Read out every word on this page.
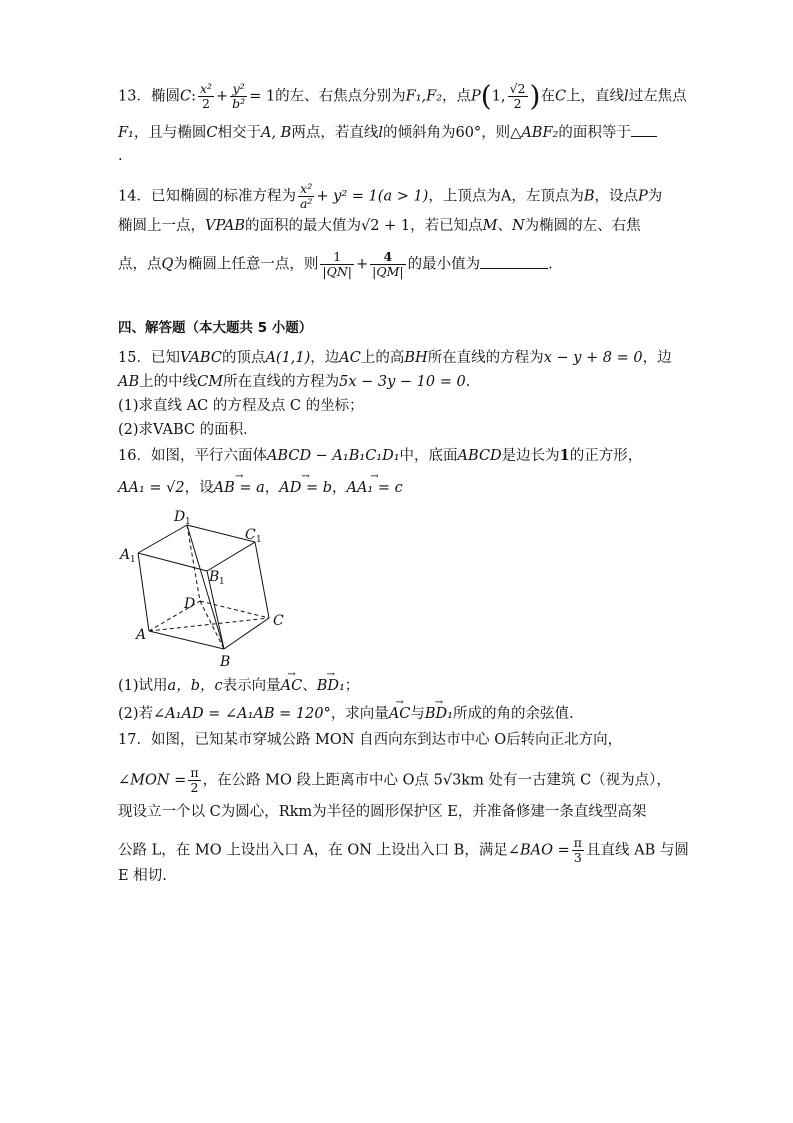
13．椭圆C: $\frac{\text{x²}}{2} + \frac{\text{y²}}{\text{b²}} = 1$的左、右焦点分别为F₁,F₂，点P(1, $\frac{√2}{2}$ )在C上，直线l过左焦点
F₁，且与椭圆C相交于A, B两点，若直线l的倾斜角为60°，则△ABF₂的面积等于
.
14．已知椭圆的标准方程为 $\frac{\text{x²}}{\text{a²}} + y^2 = 1(a > 1)$，上顶点为A，左顶点为B，设点P为
椭圆上一点，VPAB的面积的最大值为√2 + 1，若已知点M、N为椭圆的左、右焦
点，点Q为椭圆上任意一点，则 $\frac{1}{|QN|} + \frac{4}{|QM|}$ 的最小值为	.
四、解答题（本大题共 5 小题）
15．已知VABC的顶点A(1,1)，边AC上的高BH所在直线的方程为x − y + 8 = 0，边
AB上的中线CM所在直线的方程为5x − 3y − 10 = 0.
(1)求直线 AC 的方程及点 C 的坐标；
(2)求VABC 的面积．
16．如图，平行六面体ABCD − A₁B₁C₁D₁中，底面ABCD是边长为1的正方形，
AA₁ = √2，设→ AB = a，→ AD = b，→ AA₁ = c
D 1
C 1
A 1
B 1
D
C
A
B
(1)试用a，b，c表示向量→ AC、→ BD₁；
(2)若∠A₁AD = ∠A₁AB = 120°，求向量→ AC与→ BD₁所成的角的余弦值.
17．如图，已知某市穿城公路 MON 自西向东到达市中心 O后转向正北方向，
∠MON = $\frac{\pi}{2}$ ，在公路 MO 段上距离市中心 O点 5√3km 处有一古建筑 C（视为点），
现设立一个以 C为圆心，Rkm为半径的圆形保护区 E，并准备修建一条直线型高架
公路 L，在 MO 上设出入口 A，在 ON 上设出入口 B，满足∠BAO = $\frac{\pi}{3}$ 且直线 AB 与圆
E 相切.
